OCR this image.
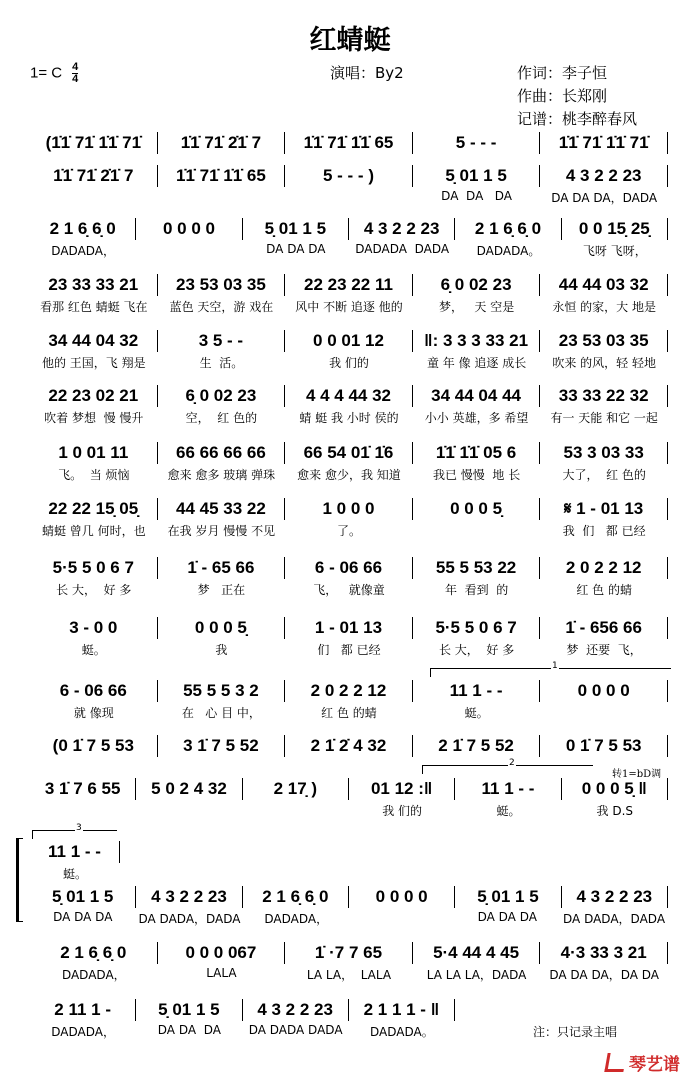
红蜻蜓
1= C $\frac{4}{4}$	演唱：By2	作词：李子恒
作曲：长郑刚
记谱：桃李醉春风
(1̇1̇ 71̇ 1̇1̇ 71̇	1̇1̇ 71̇ 2̇1̇ 7	1̇1̇ 71̇ 1̇1̇ 65	5 - - -	1̇1̇ 71̇ 1̇1̇ 71̇
1̇1̇ 71̇ 2̇1̇ 7	1̇1̇ 71̇ 1̇1̇ 65	5 - - - )	5̣ 01 1 5	4 3 2 2 23
DA  DA   DA	DA DA DA，DADA
2 1 6̣ 6̣ 0	0 0 0 0	5̣ 01 1 5	4 3 2 2 23	2 1 6̣ 6̣ 0	0 0 15̣ 25̣
DADADA，	DA DA DA	DADADA  DADA	DADADA。	飞呀 飞呀，
23 33 33 21	23 53 03 35	22 23 22 11	6̣ 0 02 23	44 44 03 32
看那 红色 蜻蜓 飞在	蓝色 天空，游 戏在	风中 不断 追逐 他的	梦，   天 空是	永恒 的家，大 地是
34 44 04 32	3 5 - -	0 0 01 12	‖: 3 3 3 33 21	23 53 03 35
他的 王国，飞 翔是	生  活。	我 们的	童 年 像 追逐 成长	吹来 的风，轻 轻地
22 23 02 21	6̣ 0 02 23	4 4 4 44 32	34 44 04 44	33 33 22 32
吹着 梦想  慢 慢升	空，  红 色的	蜻 蜓 我 小时 侯的	小小 英雄，多 希望	有一 天能 和它 一起
1 0 01 11	66 66 66 66	66 54 01̇ 1̇6	1̇1̇ 1̇1̇ 05 6	53 3 03 33
飞。  当 烦恼	愈来 愈多 玻璃 弹珠	愈来 愈少，我 知道	我已 慢慢  地 长	大了，  红 色的
22 22 15̣ 05̣	44 45 33 22	1 0 0 0	0 0 0 5̣	𝄋 1 - 01 13
蜻蜓 曾几 何时，也	在我 岁月 慢慢 不见	了。	我  们   都 已经
5·5 5 0 6 7	1̇ - 65 66	6 - 06 66	55 5 53 22	2 0 2 2 12
长 大，  好 多	梦   正在	飞，   就像童	年  看到  的	红 色 的蜻
3 - 0 0	0 0 0 5̣	1 - 01 13	5·5 5 0 6 7	1̇ - 656 66
蜓。	我	们   都 已经	长 大，  好 多	梦  还要  飞，
6 - 06 66	55 5 5 3 2	2 0 2 2 12	11 1 - -	0 0 0 0
就 像现	在   心 目 中，	红 色 的蜻	蜓。
(0 1̇ 7 5 53	3 1̇ 7 5 52	2 1̇ 2̇ 4 32	2 1̇ 7 5 52	0 1̇ 7 5 53
3 1̇ 7 6 55	5 0 2 4 32	2 17̣ )	01 12 :‖	11 1 - -	0 0 0 5̣ ‖
我 们的	蜓。	我 D.S
11 1 - -
蜓。
5̣ 01 1 5	4 3 2 2 23	2 1 6̣ 6̣ 0	0 0 0 0	5̣ 01 1 5	4 3 2 2 23
DA DA DA	DA DADA，DADA	DADADA，	DA DA DA	DA DADA，DADA
2 1 6̣ 6̣ 0	0 0 0 067	1̇ ·7 7 65	5·4 44 4 45	4·3 33 3 21
DADADA，	LALA	LA LA，  LALA	LA LA LA，DADA	DA DA DA，DA DA
2 11 1 -	5̣ 01 1 5	4 3 2 2 23	2 1 1 1 - ‖
DADADA，	DA DA  DA	DA DADA DADA	DADADA。
1
2
3
转1=bD调
注：只记录主唱
琴艺谱
